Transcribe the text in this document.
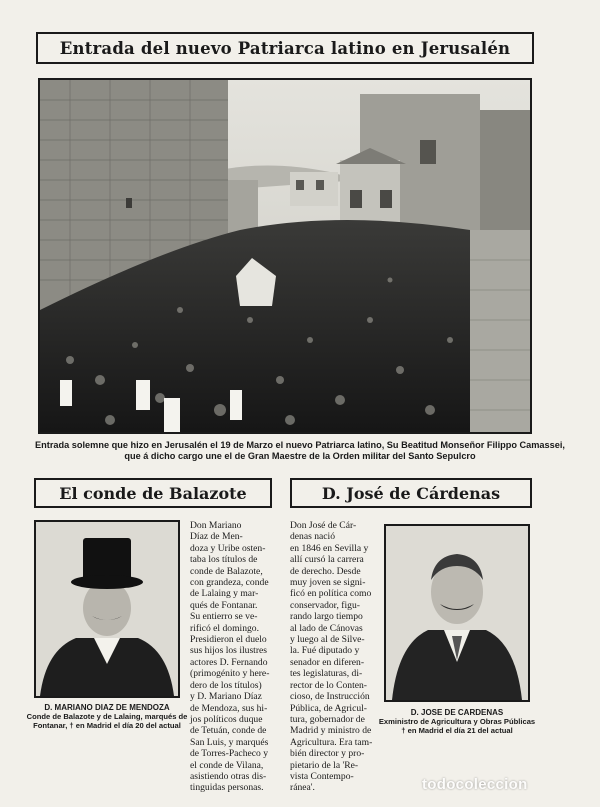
Entrada del nuevo Patriarca latino en Jerusalén
Entrada solemne que hizo en Jerusalén el 19 de Marzo el nuevo Patriarca latino, Su Beatitud Monseñor Filippo Camassei,
que á dicho cargo une el de Gran Maestre de la Orden militar del Santo Sepulcro
El conde de Balazote	D. José de Cárdenas
Don Mariano
Díaz de Men-
doza y Uribe osten-
taba los títulos de
conde de Balazote,
con grandeza, conde
de Lalaing y mar-
qués de Fontanar.
Su entierro se ve-
rificó el domingo.
Presidieron el duelo
sus hijos los ilustres
actores D. Fernando
(primogénito y here-
dero de los títulos)
y D. Mariano Díaz
de Mendoza, sus hi-
jos políticos duque
de Tetuán, conde de
San Luis, y marqués
de Torres-Pacheco y
el conde de Vilana,
asistiendo otras dis-
tinguidas personas.
Don José de Cár-
denas nació
en 1846 en Sevilla y
allí cursó la carrera
de derecho. Desde
muy joven se signi-
ficó en política como
conservador, figu-
rando largo tiempo
al lado de Cánovas
y luego al de Silve-
la. Fué diputado y
senador en diferen-
tes legislaturas, di-
rector de lo Conten-
cioso, de Instrucción
Pública, de Agricul-
tura, gobernador de
Madrid y ministro de
Agricultura. Era tam-
bién director y pro-
pietario de la 'Re-
vista Contempo-
ránea'.
D. MARIANO DIAZ DE MENDOZA
Conde de Balazote y de Lalaing, marqués de
Fontanar, † en Madrid el día 20 del actual
D. JOSE DE CARDENAS
Exministro de Agricultura y Obras Públicas
† en Madrid el día 21 del actual
todocoleccion
